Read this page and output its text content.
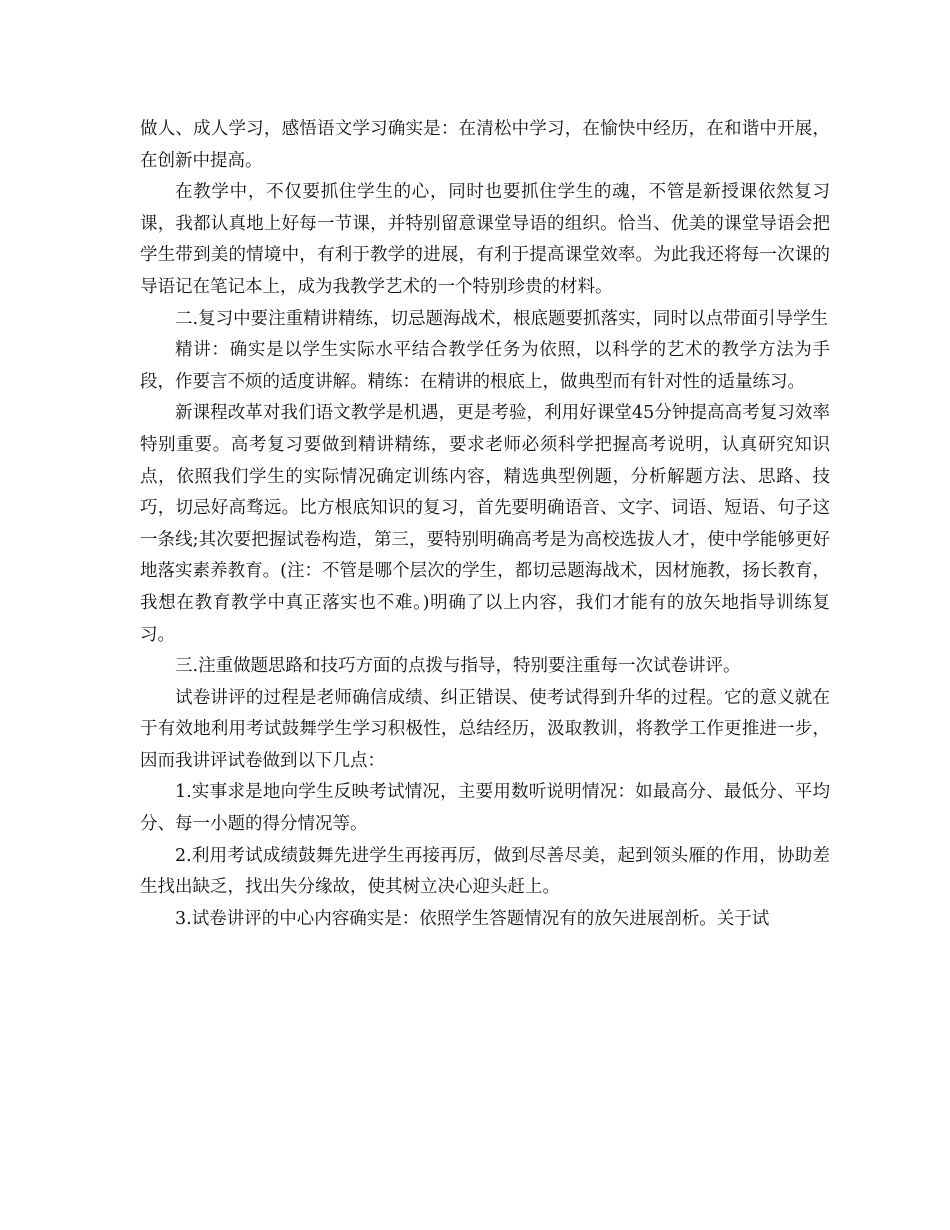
做人、成人学习，感悟语文学习确实是：在清松中学习，在愉快中经历，在和谐中开展，在创新中提高。

在教学中，不仅要抓住学生的心，同时也要抓住学生的魂，不管是新授课依然复习课，我都认真地上好每一节课，并特别留意课堂导语的组织。恰当、优美的课堂导语会把学生带到美的情境中，有利于教学的进展，有利于提高课堂效率。为此我还将每一次课的导语记在笔记本上，成为我教学艺术的一个特别珍贵的材料。

二.复习中要注重精讲精练，切忌题海战术，根底题要抓落实，同时以点带面引导学生

精讲：确实是以学生实际水平结合教学任务为依照，以科学的艺术的教学方法为手段，作要言不烦的适度讲解。精练：在精讲的根底上，做典型而有针对性的适量练习。

新课程改革对我们语文教学是机遇，更是考验，利用好课堂45分钟提高高考复习效率特别重要。高考复习要做到精讲精练，要求老师必须科学把握高考说明，认真研究知识点，依照我们学生的实际情况确定训练内容，精选典型例题，分析解题方法、思路、技巧，切忌好高骛远。比方根底知识的复习，首先要明确语音、文字、词语、短语、句子这一条线;其次要把握试卷构造，第三，要特别明确高考是为高校选拔人才，使中学能够更好地落实素养教育。(注：不管是哪个层次的学生，都切忌题海战术，因材施教，扬长教育，我想在教育教学中真正落实也不难。)明确了以上内容，我们才能有的放矢地指导训练复习。

三.注重做题思路和技巧方面的点拨与指导，特别要注重每一次试卷讲评。

试卷讲评的过程是老师确信成绩、纠正错误、使考试得到升华的过程。它的意义就在于有效地利用考试鼓舞学生学习积极性，总结经历，汲取教训，将教学工作更推进一步，因而我讲评试卷做到以下几点：

1.实事求是地向学生反映考试情况，主要用数听说明情况：如最高分、最低分、平均分、每一小题的得分情况等。

2.利用考试成绩鼓舞先进学生再接再厉，做到尽善尽美，起到领头雁的作用，协助差生找出缺乏，找出失分缘故，使其树立决心迎头赶上。

3.试卷讲评的中心内容确实是：依照学生答题情况有的放矢进展剖析。关于试
